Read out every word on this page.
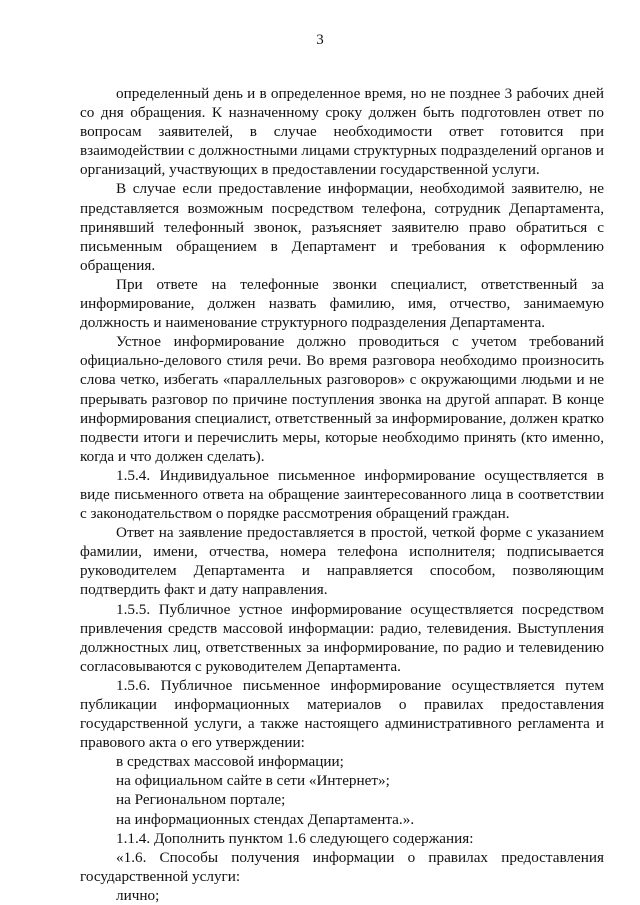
3

определенный день и в определенное время, но не позднее 3 рабочих дней со дня обращения. К назначенному сроку должен быть подготовлен ответ по вопросам заявителей, в случае необходимости ответ готовится при взаимодействии с должностными лицами структурных подразделений органов и организаций, участвующих в предоставлении государственной услуги.

В случае если предоставление информации, необходимой заявителю, не представляется возможным посредством телефона, сотрудник Департамента, принявший телефонный звонок, разъясняет заявителю право обратиться с письменным обращением в Департамент и требования к оформлению обращения.

При ответе на телефонные звонки специалист, ответственный за информирование, должен назвать фамилию, имя, отчество, занимаемую должность и наименование структурного подразделения Департамента.

Устное информирование должно проводиться с учетом требований официально-делового стиля речи. Во время разговора необходимо произносить слова четко, избегать «параллельных разговоров» с окружающими людьми и не прерывать разговор по причине поступления звонка на другой аппарат. В конце информирования специалист, ответственный за информирование, должен кратко подвести итоги и перечислить меры, которые необходимо принять (кто именно, когда и что должен сделать).

1.5.4. Индивидуальное письменное информирование осуществляется в виде письменного ответа на обращение заинтересованного лица в соответствии с законодательством о порядке рассмотрения обращений граждан.

Ответ на заявление предоставляется в простой, четкой форме с указанием фамилии, имени, отчества, номера телефона исполнителя; подписывается руководителем Департамента и направляется способом, позволяющим подтвердить факт и дату направления.

1.5.5. Публичное устное информирование осуществляется посредством привлечения средств массовой информации: радио, телевидения. Выступления должностных лиц, ответственных за информирование, по радио и телевидению согласовываются с руководителем Департамента.

1.5.6. Публичное письменное информирование осуществляется путем публикации информационных материалов о правилах предоставления государственной услуги, а также настоящего административного регламента и правового акта о его утверждении:

в средствах массовой информации;

на официальном сайте в сети «Интернет»;

на Региональном портале;

на информационных стендах Департамента.».

1.1.4. Дополнить пунктом 1.6 следующего содержания:

«1.6. Способы получения информации о правилах предоставления государственной услуги:

лично;
